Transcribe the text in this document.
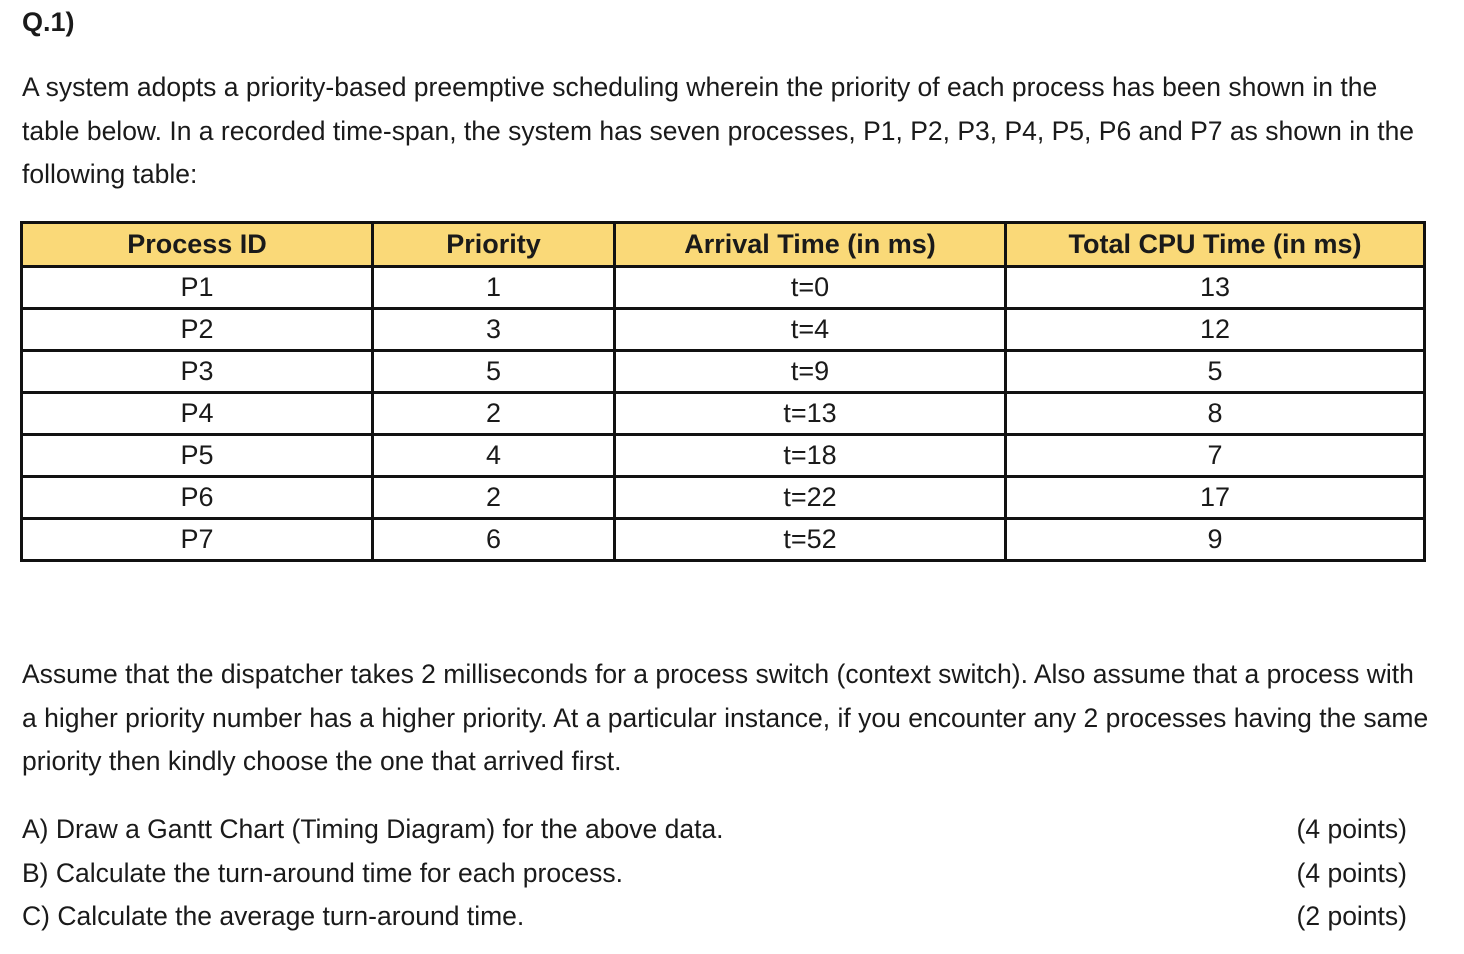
Q.1)
A system adopts a priority-based preemptive scheduling wherein the priority of each process has been shown in the table below. In a recorded time-span, the system has seven processes, P1, P2, P3, P4, P5, P6 and P7 as shown in the following table:
Process ID	Priority	Arrival Time (in ms)	Total CPU Time (in ms)
P1	1	t=0	13
P2	3	t=4	12
P3	5	t=9	5
P4	2	t=13	8
P5	4	t=18	7
P6	2	t=22	17
P7	6	t=52	9
Assume that the dispatcher takes 2 milliseconds for a process switch (context switch). Also assume that a process with a higher priority number has a higher priority. At a particular instance, if you encounter any 2 processes having the same priority then kindly choose the one that arrived first.
A) Draw a Gantt Chart (Timing Diagram) for the above data.	(4 points)
B) Calculate the turn-around time for each process.	(4 points)
C) Calculate the average turn-around time.	(2 points)
